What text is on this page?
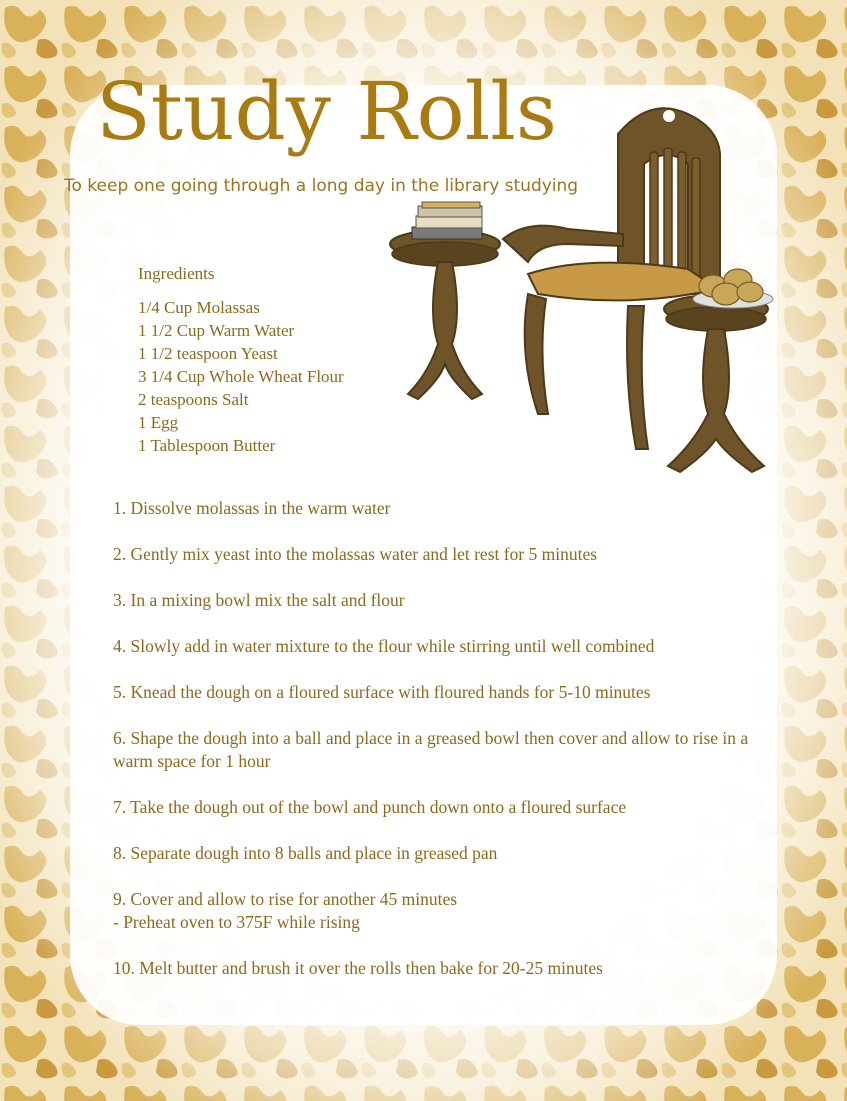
Study Rolls

To keep one going through a long day in the library studying

Ingredients

1/4 Cup Molassas
1 1/2 Cup Warm Water
1 1/2 teaspoon Yeast
3 1/4 Cup Whole Wheat Flour
2 teaspoons Salt
1 Egg
1 Tablespoon Butter

1. Dissolve molassas in the warm water

2. Gently mix yeast into the molassas water and let rest for 5 minutes

3. In a mixing bowl mix the salt and flour

4. Slowly add in water mixture to the flour while stirring until well combined

5. Knead the dough on a floured surface with floured hands for 5-10 minutes

6. Shape the dough into a ball and place in a greased bowl then cover and allow to rise in a warm space for 1 hour

7. Take the dough out of the bowl and punch down onto a floured surface

8. Separate dough into 8 balls and place in greased pan

9. Cover and allow to rise for another 45 minutes
- Preheat oven to 375F while rising

10. Melt butter and brush it over the rolls then bake for 20-25 minutes
